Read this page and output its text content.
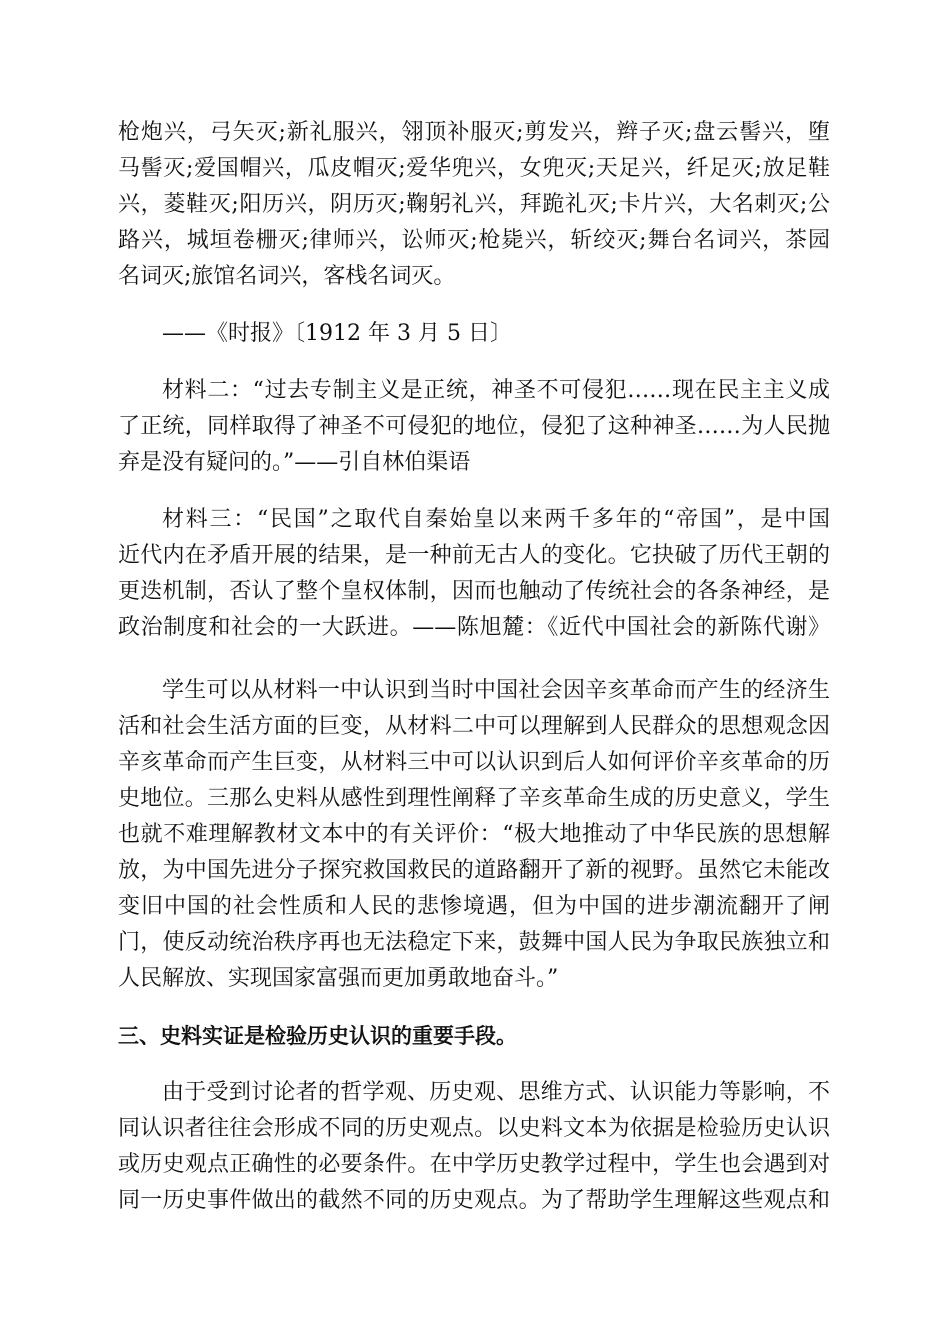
枪炮兴，弓矢灭;新礼服兴，翎顶补服灭;剪发兴，辫子灭;盘云髻兴，堕

马髻灭;爱国帽兴，瓜皮帽灭;爱华兜兴，女兜灭;天足兴，纤足灭;放足鞋

兴，菱鞋灭;阳历兴，阴历灭;鞠躬礼兴，拜跪礼灭;卡片兴，大名刺灭;公

路兴，城垣卷栅灭;律师兴，讼师灭;枪毙兴，斩绞灭;舞台名词兴，茶园

名词灭;旅馆名词兴，客栈名词灭。

——《时报》〔1912 年 3 月 5 日〕

材料二：“过去专制主义是正统，神圣不可侵犯……现在民主主义成

了正统，同样取得了神圣不可侵犯的地位，侵犯了这种神圣……为人民抛

弃是没有疑问的。”——引自林伯渠语

材料三：“民国”之取代自秦始皇以来两千多年的“帝国”，是中国

近代内在矛盾开展的结果，是一种前无古人的变化。它抉破了历代王朝的

更迭机制，否认了整个皇权体制，因而也触动了传统社会的各条神经，是

政治制度和社会的一大跃进。——陈旭麓：《近代中国社会的新陈代谢》

学生可以从材料一中认识到当时中国社会因辛亥革命而产生的经济生

活和社会生活方面的巨变，从材料二中可以理解到人民群众的思想观念因

辛亥革命而产生巨变，从材料三中可以认识到后人如何评价辛亥革命的历

史地位。三那么史料从感性到理性阐释了辛亥革命生成的历史意义，学生

也就不难理解教材文本中的有关评价：“极大地推动了中华民族的思想解

放，为中国先进分子探究救国救民的道路翻开了新的视野。虽然它未能改

变旧中国的社会性质和人民的悲惨境遇，但为中国的进步潮流翻开了闸

门，使反动统治秩序再也无法稳定下来，鼓舞中国人民为争取民族独立和

人民解放、实现国家富强而更加勇敢地奋斗。”

三、史料实证是检验历史认识的重要手段。

由于受到讨论者的哲学观、历史观、思维方式、认识能力等影响，不

同认识者往往会形成不同的历史观点。以史料文本为依据是检验历史认识

或历史观点正确性的必要条件。在中学历史教学过程中，学生也会遇到对

同一历史事件做出的截然不同的历史观点。为了帮助学生理解这些观点和
